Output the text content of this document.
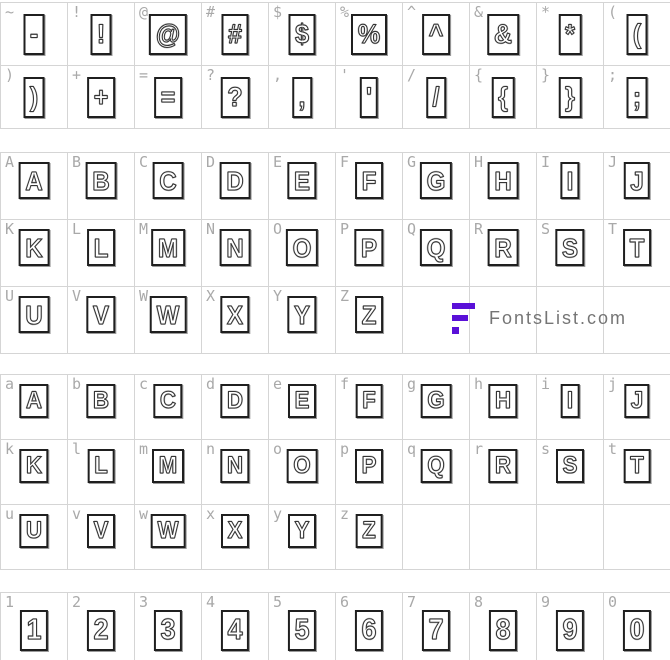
~
-
!
!
@
@
#
#
$
$
%
%
^
^
&
&
*
*
(
(
)
)
+
+
=
=
?
?
,
,
'
'
/
/
{
{
}
}
;
;
A
A
B
B
C
C
D
D
E
E
F
F
G
G
H
H
I
I
J
J
K
K
L
L
M
M
N
N
O
O
P
P
Q
Q
R
R
S
S
T
T
U
U
V
V
W
W
X
X
Y
Y
Z
Z
a
A
b
B
c
C
d
D
e
E
f
F
g
G
h
H
i
I
j
J
k
K
l
L
m
M
n
N
o
O
p
P
q
Q
r
R
s
S
t
T
u
U
v
V
w
W
x
X
y
Y
z
Z
1
1
2
2
3
3
4
4
5
5
6
6
7
7
8
8
9
9
0
0
FontsList.com
